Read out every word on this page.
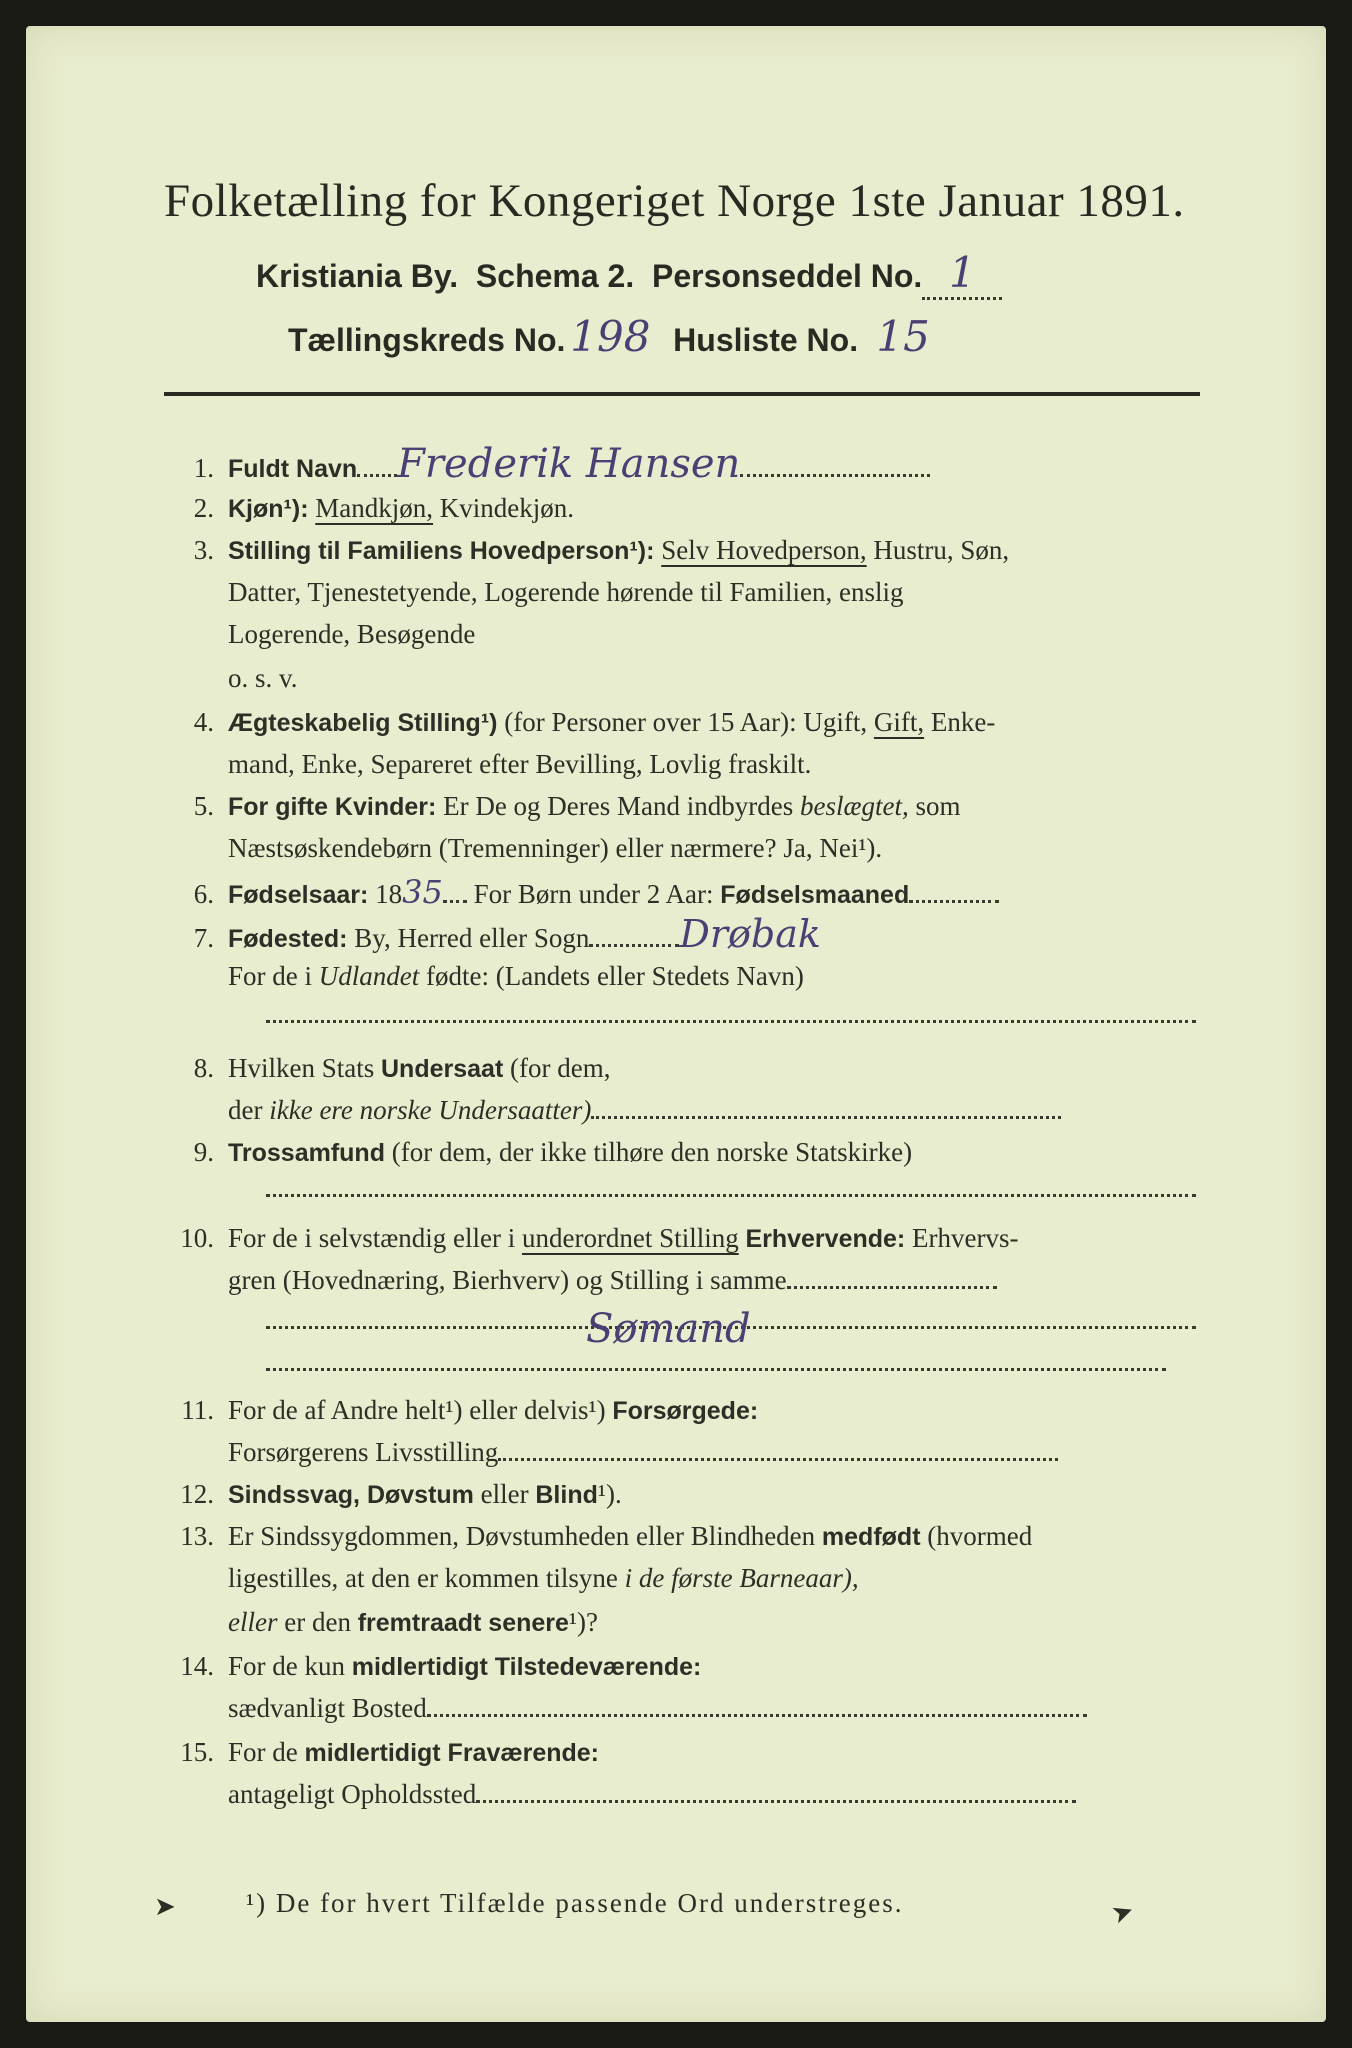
Folketælling for Kongeriget Norge 1ste Januar 1891.
Kristiania By. Schema 2. Personseddel No. 1
Tællingskreds No. 198 Husliste No. 15
1. Fuldt Navn Frederik Hansen
2. Kjøn¹): Mandkjøn, Kvindekjøn.
3. Stilling til Familiens Hovedperson¹): Selv Hovedperson, Hustru, Søn,
Datter, Tjenestetyende, Logerende hørende til Familien, enslig
Logerende, Besøgende
o. s. v.
4. Ægteskabelig Stilling¹) (for Personer over 15 Aar): Ugift, Gift, Enke-
mand, Enke, Separeret efter Bevilling, Lovlig fraskilt.
5. For gifte Kvinder: Er De og Deres Mand indbyrdes beslægtet, som
Næstsøskendebørn (Tremenninger) eller nærmere? Ja, Nei¹).
6. Fødselsaar: 1835 For Børn under 2 Aar: Fødselsmaaned
7. Fødested: By, Herred eller Sogn Drøbak
For de i Udlandet fødte: (Landets eller Stedets Navn)
8. Hvilken Stats Undersaat (for dem,
der ikke ere norske Undersaatter)
9. Trossamfund (for dem, der ikke tilhøre den norske Statskirke)
10. For de i selvstændig eller i underordnet Stilling Erhvervende: Erhvervs-
gren (Hovednæring, Bierhverv) og Stilling i samme
Sømand
11. For de af Andre helt¹) eller delvis¹) Forsørgede:
Forsørgerens Livsstilling
12. Sindssvag, Døvstum eller Blind¹).
13. Er Sindssygdommen, Døvstumheden eller Blindheden medfødt (hvormed
ligestilles, at den er kommen tilsyne i de første Barneaar),
eller er den fremtraadt senere¹)?
14. For de kun midlertidigt Tilstedeværende:
sædvanligt Bosted
15. For de midlertidigt Fraværende:
antageligt Opholdssted
➤	¹) De for hvert Tilfælde passende Ord understreges.	➤
